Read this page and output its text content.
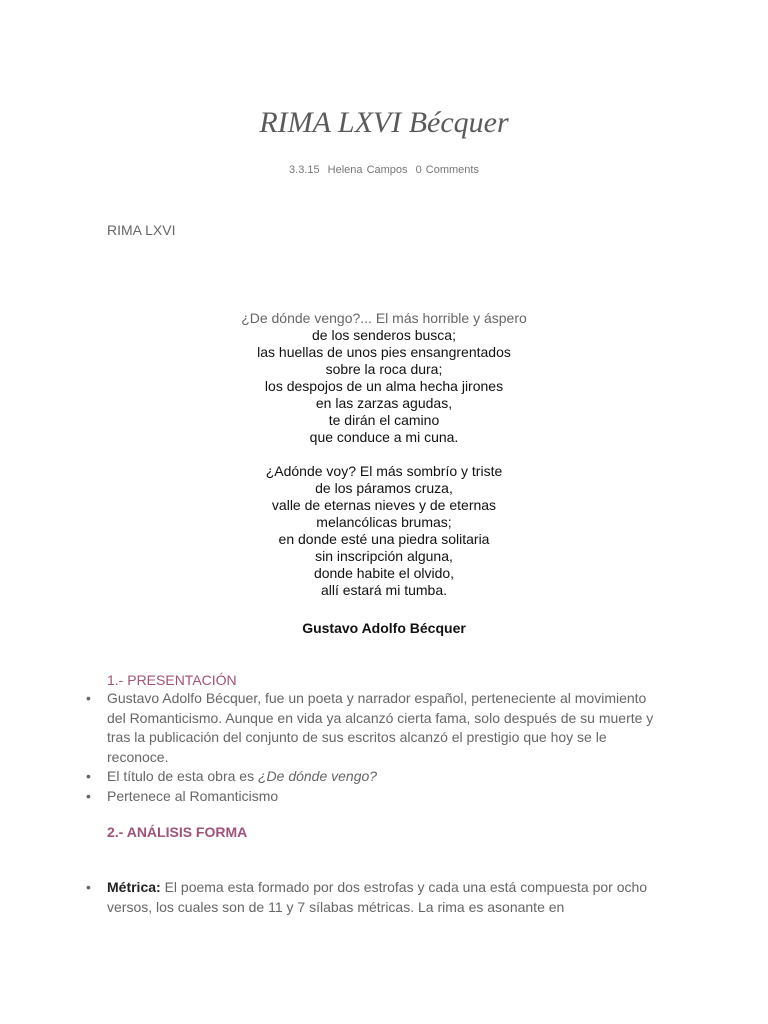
RIMA LXVI Bécquer
3.3.15 Helena Campos 0 Comments
RIMA LXVI
¿De dónde vengo?... El más horrible y áspero
de los senderos busca;
las huellas de unos pies ensangrentados
sobre la roca dura;
los despojos de un alma hecha jirones
en las zarzas agudas,
te dirán el camino
que conduce a mi cuna.
¿Adónde voy? El más sombrío y triste
de los páramos cruza,
valle de eternas nieves y de eternas
melancólicas brumas;
en donde esté una piedra solitaria
sin inscripción alguna,
donde habite el olvido,
allí estará mi tumba.
Gustavo Adolfo Bécquer
1.- PRESENTACIÓN
• Gustavo Adolfo Bécquer, fue un poeta y narrador español, perteneciente al movimiento del Romanticismo. Aunque en vida ya alcanzó cierta fama, solo después de su muerte y tras la publicación del conjunto de sus escritos alcanzó el prestigio que hoy se le reconoce.
• El título de esta obra es ¿De dónde vengo?
• Pertenece al Romanticismo
2.- ANÁLISIS FORMA
• Métrica: El poema esta formado por dos estrofas y cada una está compuesta por ocho versos, los cuales son de 11 y 7 sílabas métricas. La rima es asonante en
